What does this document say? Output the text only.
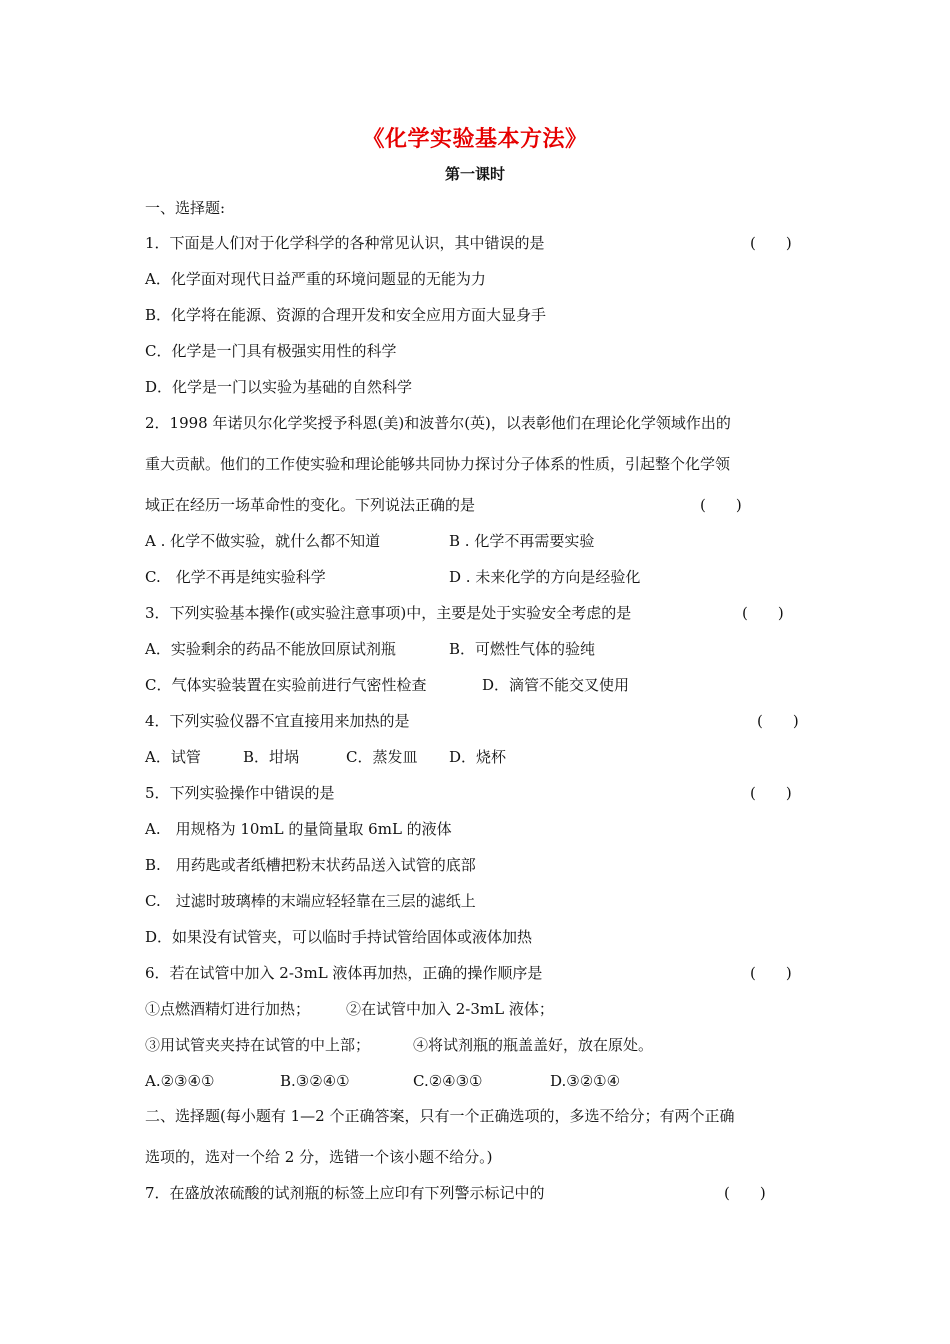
《化学实验基本方法》
第一课时
一、选择题:
1．下面是人们对于化学科学的各种常见认识，其中错误的是	(　　)
A．化学面对现代日益严重的环境问题显的无能为力
B．化学将在能源、资源的合理开发和安全应用方面大显身手
C．化学是一门具有极强实用性的科学
D．化学是一门以实验为基础的自然科学
2．1998 年诺贝尔化学奖授予科恩(美)和波普尔(英)，以表彰他们在理论化学领域作出的
重大贡献。他们的工作使实验和理论能够共同协力探讨分子体系的性质，引起整个化学领
域正在经历一场革命性的变化。下列说法正确的是	(　　)
A . 化学不做实验，就什么都不知道	B . 化学不再需要实验
C.　化学不再是纯实验科学	D . 未来化学的方向是经验化
3．下列实验基本操作(或实验注意事项)中，主要是处于实验安全考虑的是	(　　)
A．实验剩余的药品不能放回原试剂瓶	B．可燃性气体的验纯
C．气体实验装置在实验前进行气密性检查	D．滴管不能交叉使用
4．下列实验仪器不宜直接用来加热的是	(　　)
A．试管	B．坩埚	C．蒸发皿 D．烧杯
5．下列实验操作中错误的是	(　　)
A.　用规格为 10mL 的量筒量取 6mL 的液体
B.　用药匙或者纸槽把粉末状药品送入试管的底部
C.　过滤时玻璃棒的末端应轻轻靠在三层的滤纸上
D．如果没有试管夹，可以临时手持试管给固体或液体加热
6．若在试管中加入 2-3mL 液体再加热，正确的操作顺序是	(　　)
①点燃酒精灯进行加热； ②在试管中加入 2-3mL 液体；
③用试管夹夹持在试管的中上部；	④将试剂瓶的瓶盖盖好，放在原处。
A.②③④①	B.③②④①	C.②④③①	D.③②①④
二、选择题(每小题有 1—2 个正确答案，只有一个正确选项的，多选不给分；有两个正确
选项的，选对一个给 2 分，选错一个该小题不给分。)
7．在盛放浓硫酸的试剂瓶的标签上应印有下列警示标记中的	(　　)
